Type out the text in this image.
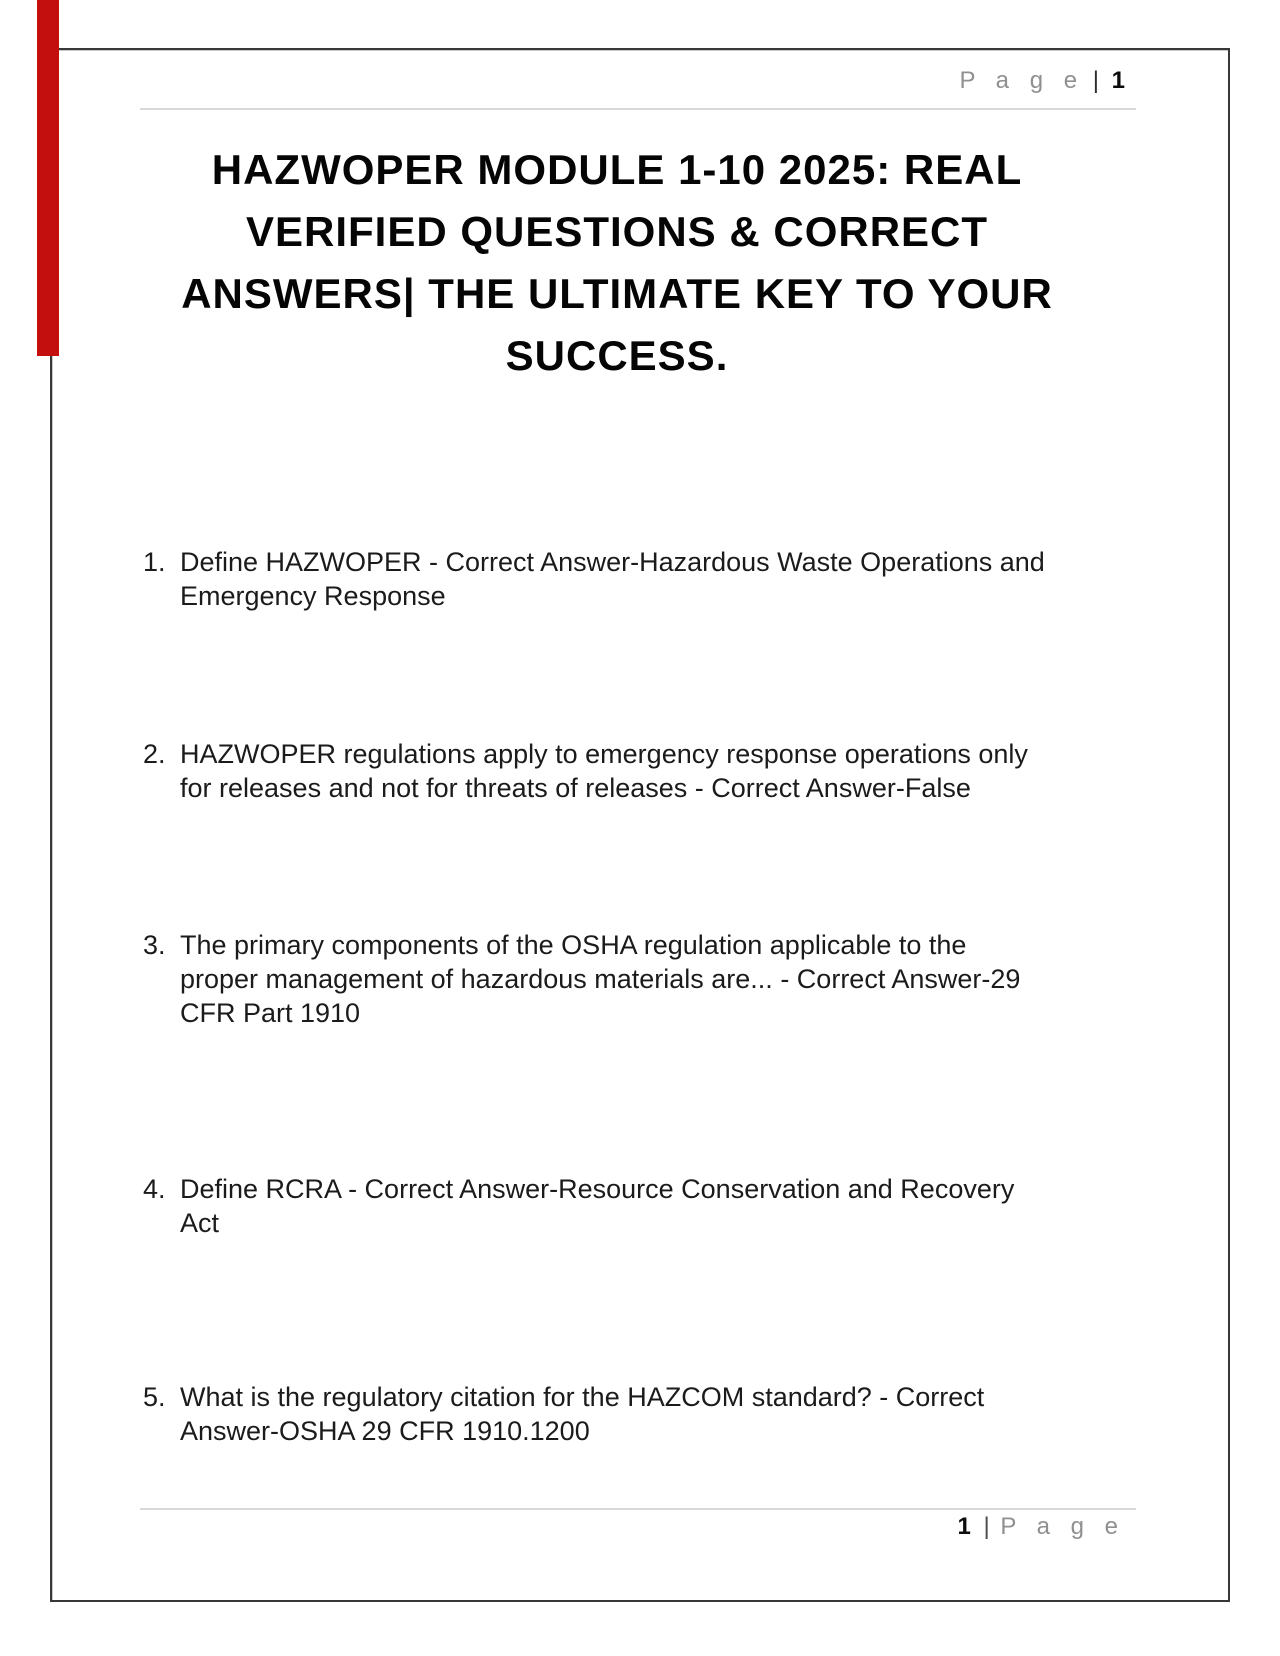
P a g e | 1
HAZWOPER MODULE 1-10 2025: REAL
VERIFIED QUESTIONS & CORRECT
ANSWERS| THE ULTIMATE KEY TO YOUR
SUCCESS.
1. Define HAZWOPER - Correct Answer-Hazardous Waste Operations and
Emergency Response
2. HAZWOPER regulations apply to emergency response operations only
for releases and not for threats of releases - Correct Answer-False
3. The primary components of the OSHA regulation applicable to the
proper management of hazardous materials are... - Correct Answer-29
CFR Part 1910
4. Define RCRA - Correct Answer-Resource Conservation and Recovery
Act
5. What is the regulatory citation for the HAZCOM standard? - Correct
Answer-OSHA 29 CFR 1910.1200
1 | P a g e
